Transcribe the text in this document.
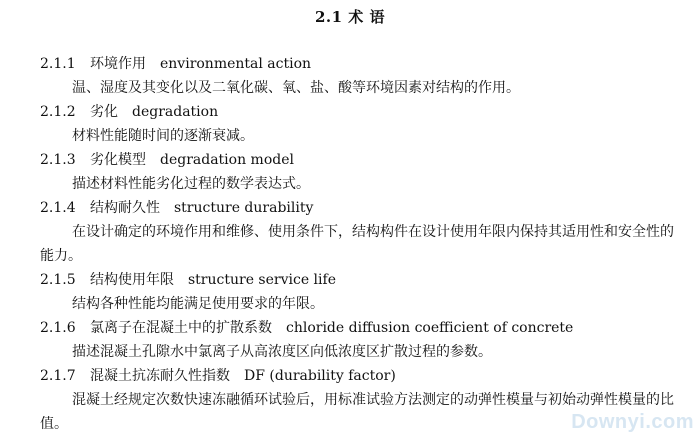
2.1 术 语
2.1.1 环境作用 environmental action

温、湿度及其变化以及二氧化碳、氧、盐、酸等环境因素对结构的作用。

2.1.2 劣化 degradation

材料性能随时间的逐渐衰减。

2.1.3 劣化模型 degradation model

描述材料性能劣化过程的数学表达式。

2.1.4 结构耐久性 structure durability

在设计确定的环境作用和维修、使用条件下，结构构件在设计使用年限内保持其适用性和安全性的能力。

2.1.5 结构使用年限 structure service life

结构各种性能均能满足使用要求的年限。

2.1.6 氯离子在混凝土中的扩散系数 chloride diffusion coefficient of concrete

描述混凝土孔隙水中氯离子从高浓度区向低浓度区扩散过程的参数。

2.1.7 混凝土抗冻耐久性指数 DF (durability factor)

混凝土经规定次数快速冻融循环试验后，用标准试验方法测定的动弹性模量与初始动弹性模量的比值。	Downyi.com
